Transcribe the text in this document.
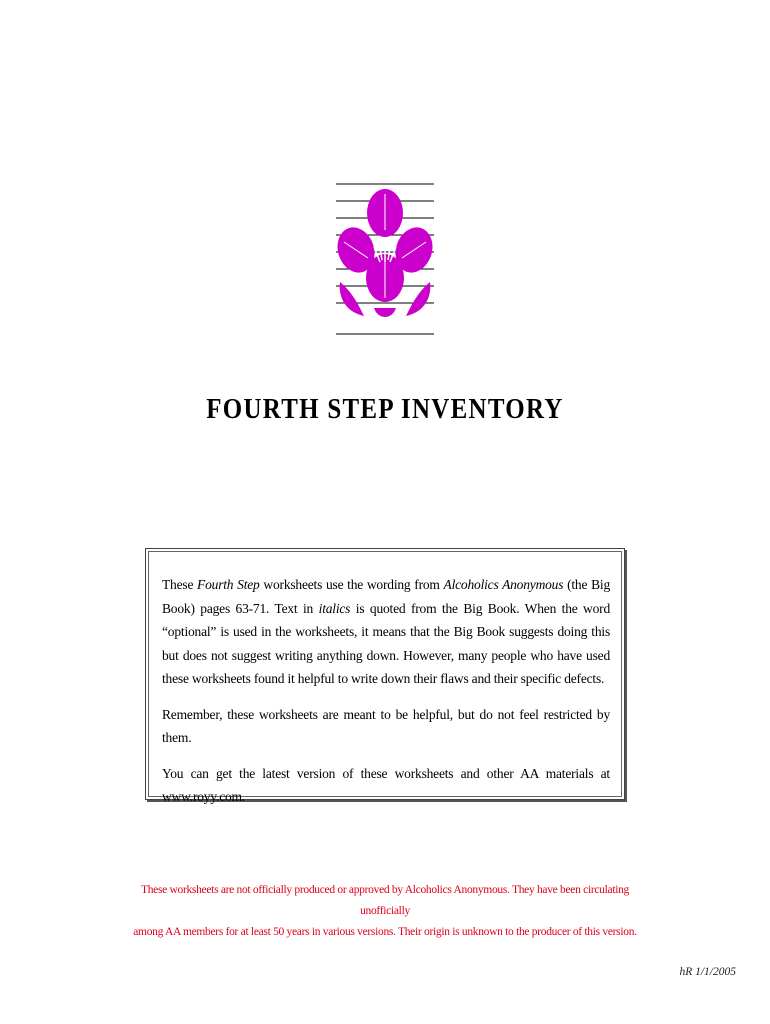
FOURTH STEP INVENTORY

These Fourth Step worksheets use the wording from Alcoholics Anonymous (the Big Book) pages 63-71. Text in italics is quoted from the Big Book. When the word “optional” is used in the worksheets, it means that the Big Book suggests doing this but does not suggest writing anything down. However, many people who have used these worksheets found it helpful to write down their flaws and their specific defects.

Remember, these worksheets are meant to be helpful, but do not feel restricted by them.

You can get the latest version of these worksheets and other AA materials at www.royy.com.

These worksheets are not officially produced or approved by Alcoholics Anonymous. They have been circulating unofficially
among AA members for at least 50 years in various versions. Their origin is unknown to the producer of this version.
hR 1/1/2005
